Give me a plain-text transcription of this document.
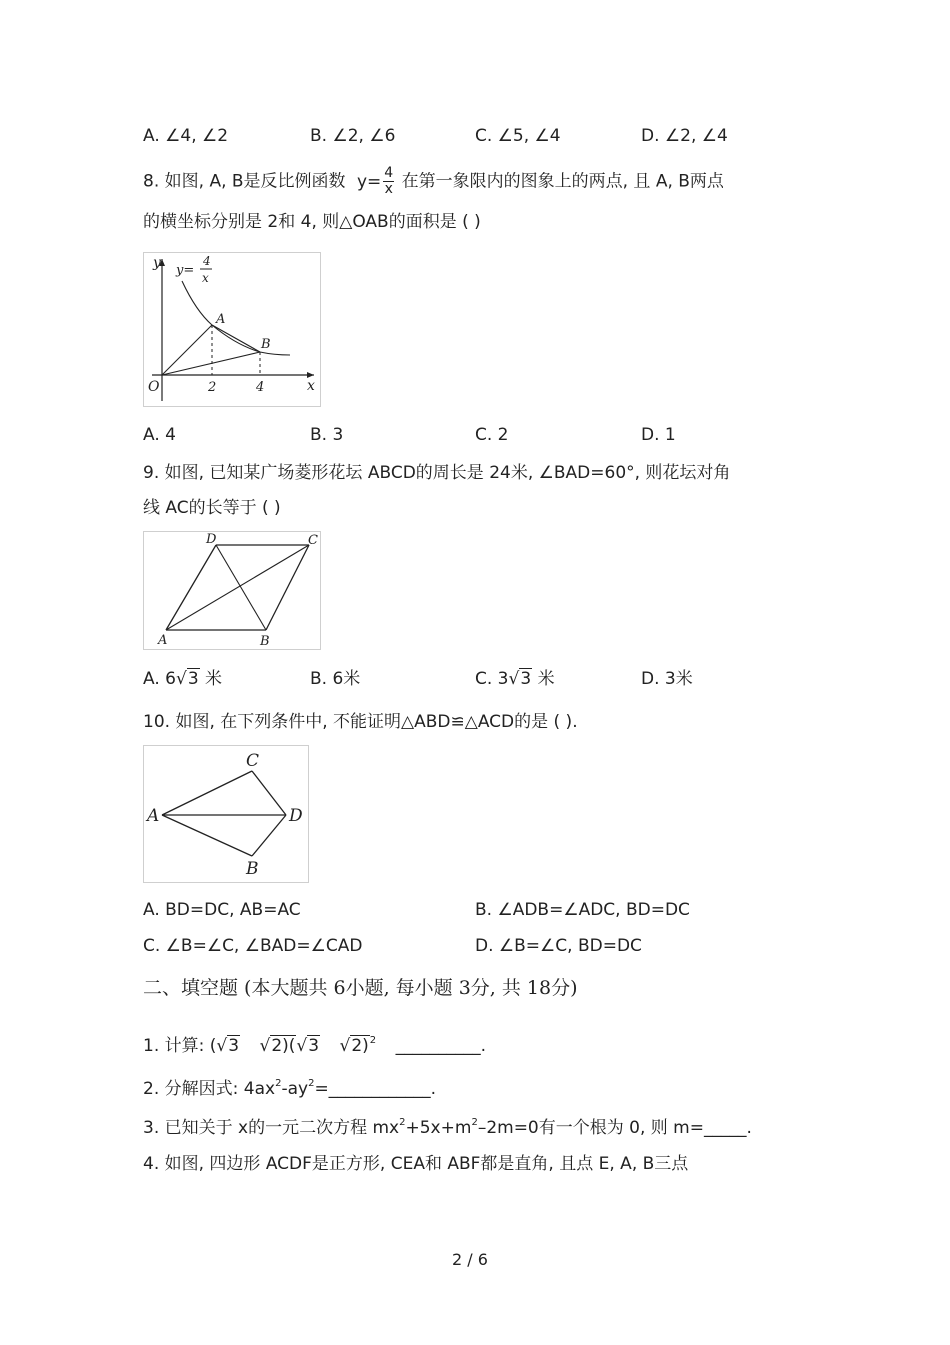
A. ∠4, ∠2	B. ∠2, ∠6	C. ∠5, ∠4	D. ∠2, ∠4
8. 如图, A, B是反比例函数 $y= \frac{4}{x}$ 在第一象限内的图象上的两点, 且 A, B两点
的横坐标分别是 2和 4, 则△OAB的面积是 ( )
y y=
4
x
A
B
O	2	4	x
A. 4	B. 3	C. 2	D. 1
9. 如图, 已知某广场菱形花坛 ABCD的周长是 24米, ∠BAD=60°, 则花坛对角
线 AC的长等于 ( )
D	C
A	B
A. 6√3 米	B. 6米	C. 3√3 米	D. 3米
10. 如图, 在下列条件中, 不能证明△ABD≌△ACD的是 ( ).
C
A	D
B
A. BD=DC, AB=AC	B. ∠ADB=∠ADC, BD=DC
C. ∠B=∠C, ∠BAD=∠CAD	D. ∠B=∠C, BD=DC
二、填空题 (本大题共 6小题, 每小题 3分, 共 18分)
1. 计算: (√3 √2)(√3 √2)$^2$ __________.
2. 分解因式: $4ax^2-ay^2=\_\_\_\_\_\_\_\_\_\_\_\_$.
3. 已知关于 x的一元二次方程 $mx^2+5x+m^2-2m=0$有一个根为 0, 则 m=_____.
4. 如图, 四边形 ACDF是正方形, CEA和 ABF都是直角, 且点 E, A, B三点
2 / 6
